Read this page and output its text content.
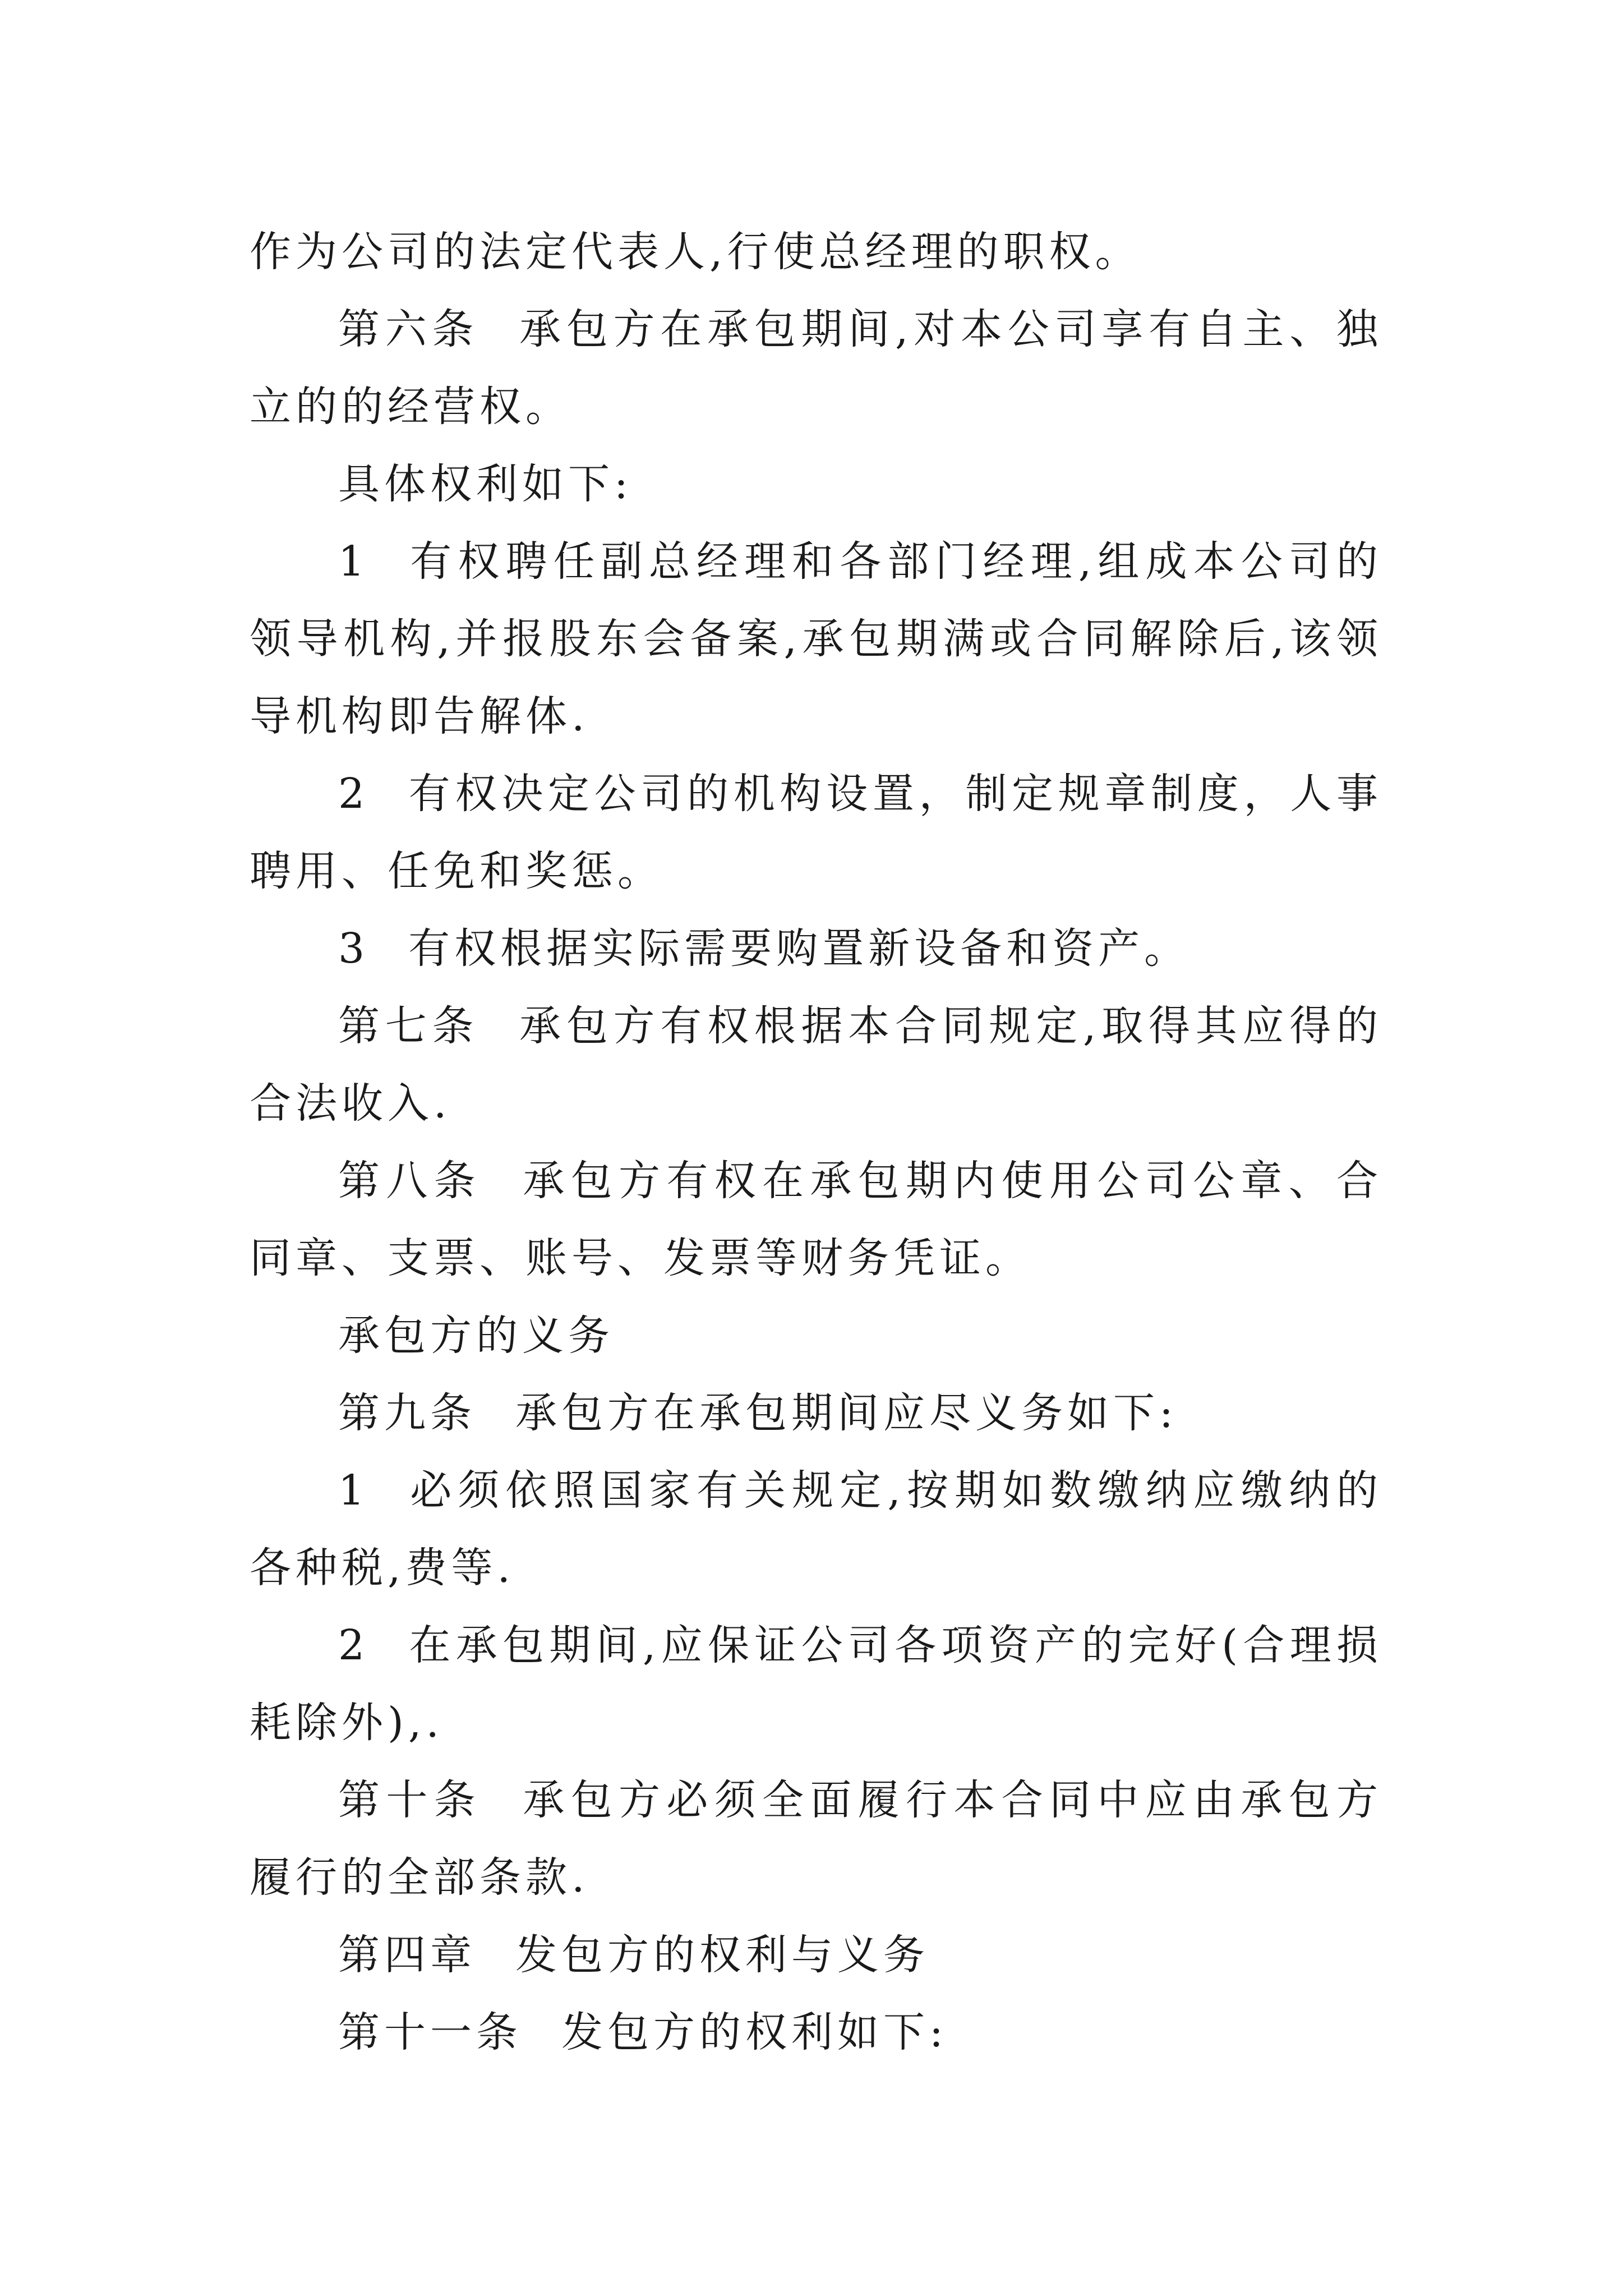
作为公司的法定代表人,行使总经理的职权。

第六条 承包方在承包期间,对本公司享有自主、独立的的经营权。

具体权利如下:

1 有权聘任副总经理和各部门经理,组成本公司的领导机构,并报股东会备案,承包期满或合同解除后,该领导机构即告解体.

2 有权决定公司的机构设置，制定规章制度，人事聘用、任免和奖惩。

3 有权根据实际需要购置新设备和资产。

第七条 承包方有权根据本合同规定,取得其应得的合法收入.

第八条 承包方有权在承包期内使用公司公章、合同章、支票、账号、发票等财务凭证。

承包方的义务

第九条 承包方在承包期间应尽义务如下:

1 必须依照国家有关规定,按期如数缴纳应缴纳的各种税,费等.

2 在承包期间,应保证公司各项资产的完好(合理损耗除外),.

第十条 承包方必须全面履行本合同中应由承包方履行的全部条款.

第四章 发包方的权利与义务

第十一条 发包方的权利如下:
